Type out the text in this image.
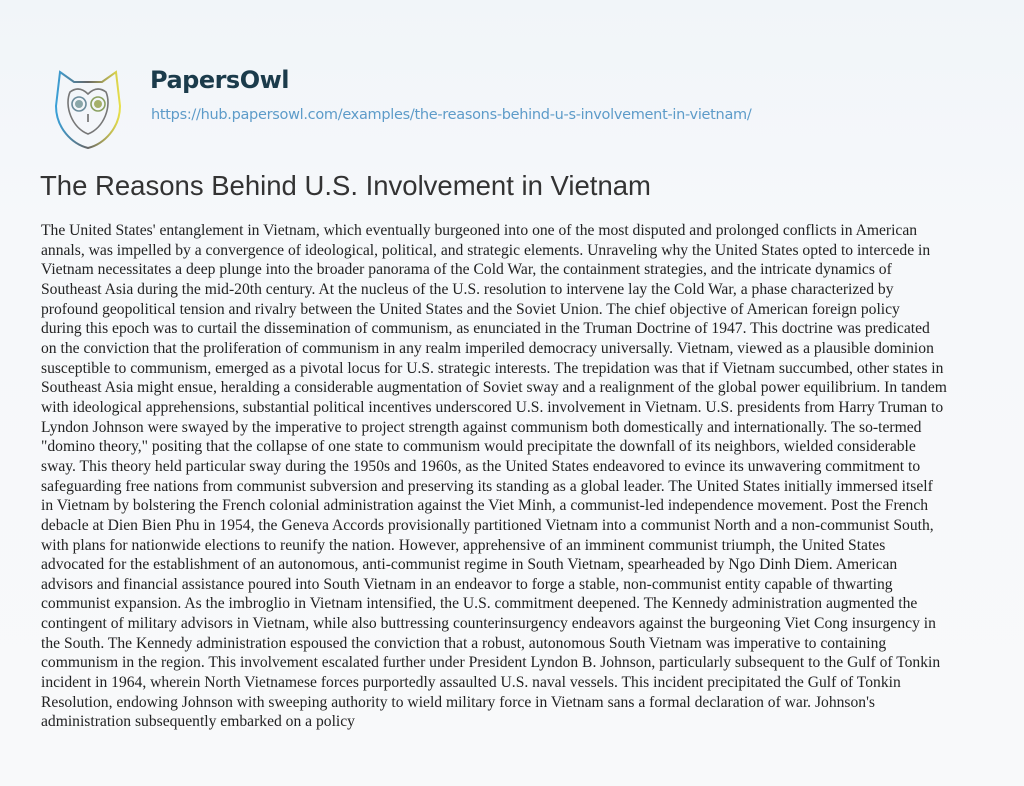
PapersOwl
https://hub.papersowl.com/examples/the-reasons-behind-u-s-involvement-in-vietnam/
The Reasons Behind U.S. Involvement in Vietnam
The United States' entanglement in Vietnam, which eventually burgeoned into one of the most disputed and prolonged conflicts in American
annals, was impelled by a convergence of ideological, political, and strategic elements. Unraveling why the United States opted to intercede in
Vietnam necessitates a deep plunge into the broader panorama of the Cold War, the containment strategies, and the intricate dynamics of
Southeast Asia during the mid-20th century. At the nucleus of the U.S. resolution to intervene lay the Cold War, a phase characterized by
profound geopolitical tension and rivalry between the United States and the Soviet Union. The chief objective of American foreign policy
during this epoch was to curtail the dissemination of communism, as enunciated in the Truman Doctrine of 1947. This doctrine was predicated
on the conviction that the proliferation of communism in any realm imperiled democracy universally. Vietnam, viewed as a plausible dominion
susceptible to communism, emerged as a pivotal locus for U.S. strategic interests. The trepidation was that if Vietnam succumbed, other states in
Southeast Asia might ensue, heralding a considerable augmentation of Soviet sway and a realignment of the global power equilibrium. In tandem
with ideological apprehensions, substantial political incentives underscored U.S. involvement in Vietnam. U.S. presidents from Harry Truman to
Lyndon Johnson were swayed by the imperative to project strength against communism both domestically and internationally. The so-termed
"domino theory," positing that the collapse of one state to communism would precipitate the downfall of its neighbors, wielded considerable
sway. This theory held particular sway during the 1950s and 1960s, as the United States endeavored to evince its unwavering commitment to
safeguarding free nations from communist subversion and preserving its standing as a global leader. The United States initially immersed itself
in Vietnam by bolstering the French colonial administration against the Viet Minh, a communist-led independence movement. Post the French
debacle at Dien Bien Phu in 1954, the Geneva Accords provisionally partitioned Vietnam into a communist North and a non-communist South,
with plans for nationwide elections to reunify the nation. However, apprehensive of an imminent communist triumph, the United States
advocated for the establishment of an autonomous, anti-communist regime in South Vietnam, spearheaded by Ngo Dinh Diem. American
advisors and financial assistance poured into South Vietnam in an endeavor to forge a stable, non-communist entity capable of thwarting
communist expansion. As the imbroglio in Vietnam intensified, the U.S. commitment deepened. The Kennedy administration augmented the
contingent of military advisors in Vietnam, while also buttressing counterinsurgency endeavors against the burgeoning Viet Cong insurgency in
the South. The Kennedy administration espoused the conviction that a robust, autonomous South Vietnam was imperative to containing
communism in the region. This involvement escalated further under President Lyndon B. Johnson, particularly subsequent to the Gulf of Tonkin
incident in 1964, wherein North Vietnamese forces purportedly assaulted U.S. naval vessels. This incident precipitated the Gulf of Tonkin
Resolution, endowing Johnson with sweeping authority to wield military force in Vietnam sans a formal declaration of war. Johnson's
administration subsequently embarked on a policy
